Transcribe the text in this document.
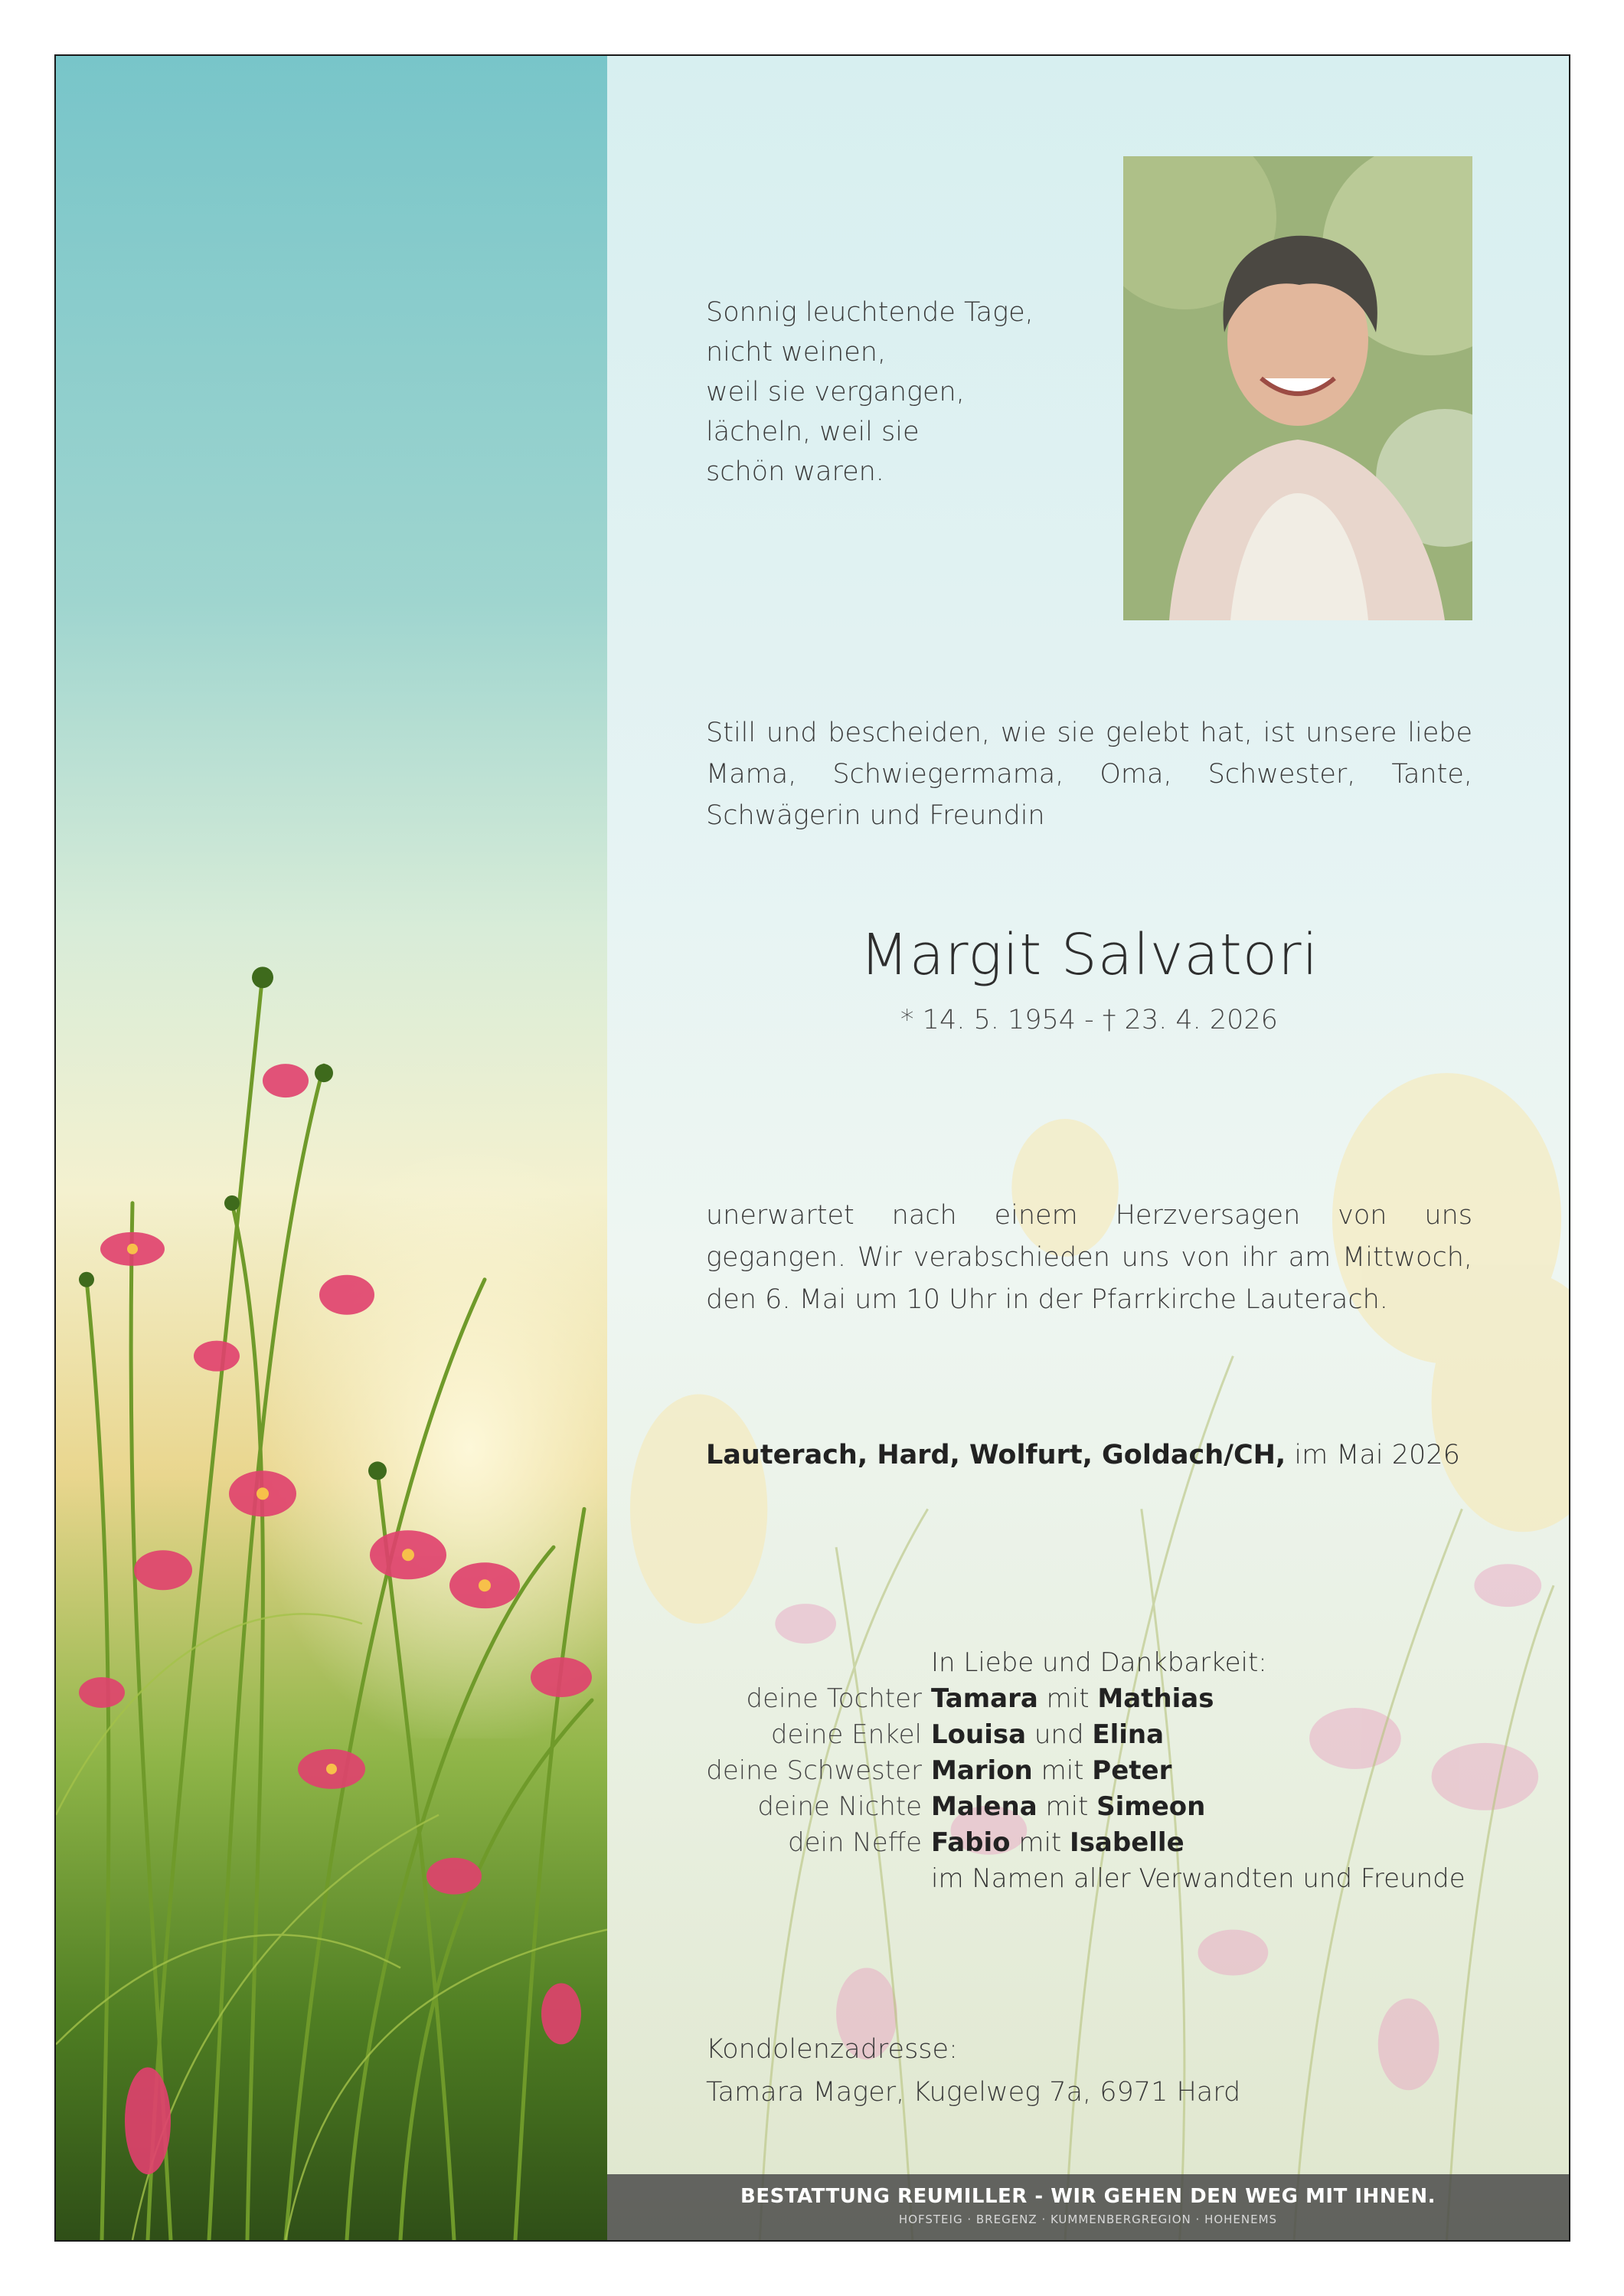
BESTATTUNG REUMILLER - WIR GEHEN DEN WEG MIT IHNEN.
HOFSTEIG · BREGENZ · KUMMENBERGREGION · HOHENEMS
Sonnig leuchtende Tage,
nicht weinen,
weil sie vergangen,
lächeln, weil sie
schön waren.
Still und bescheiden, wie sie gelebt hat, ist unsere liebe Mama, Schwiegermama, Oma, Schwester, Tante, Schwägerin und Freundin
Margit Salvatori
* 14. 5. 1954 - † 23. 4. 2026
unerwartet nach einem Herzversagen von uns gegangen. Wir verabschieden uns von ihr am Mittwoch, den 6. Mai um 10 Uhr in der Pfarrkirche Lauterach.
Lauterach, Hard, Wolfurt, Goldach/CH, im Mai 2026
In Liebe und Dankbarkeit:
deine Tochter Tamara mit Mathias
deine Enkel Louisa und Elina
deine Schwester Marion mit Peter
deine Nichte Malena mit Simeon
dein Neffe Fabio mit Isabelle
im Namen aller Verwandten und Freunde
Kondolenzadresse:
Tamara Mager, Kugelweg 7a, 6971 Hard
